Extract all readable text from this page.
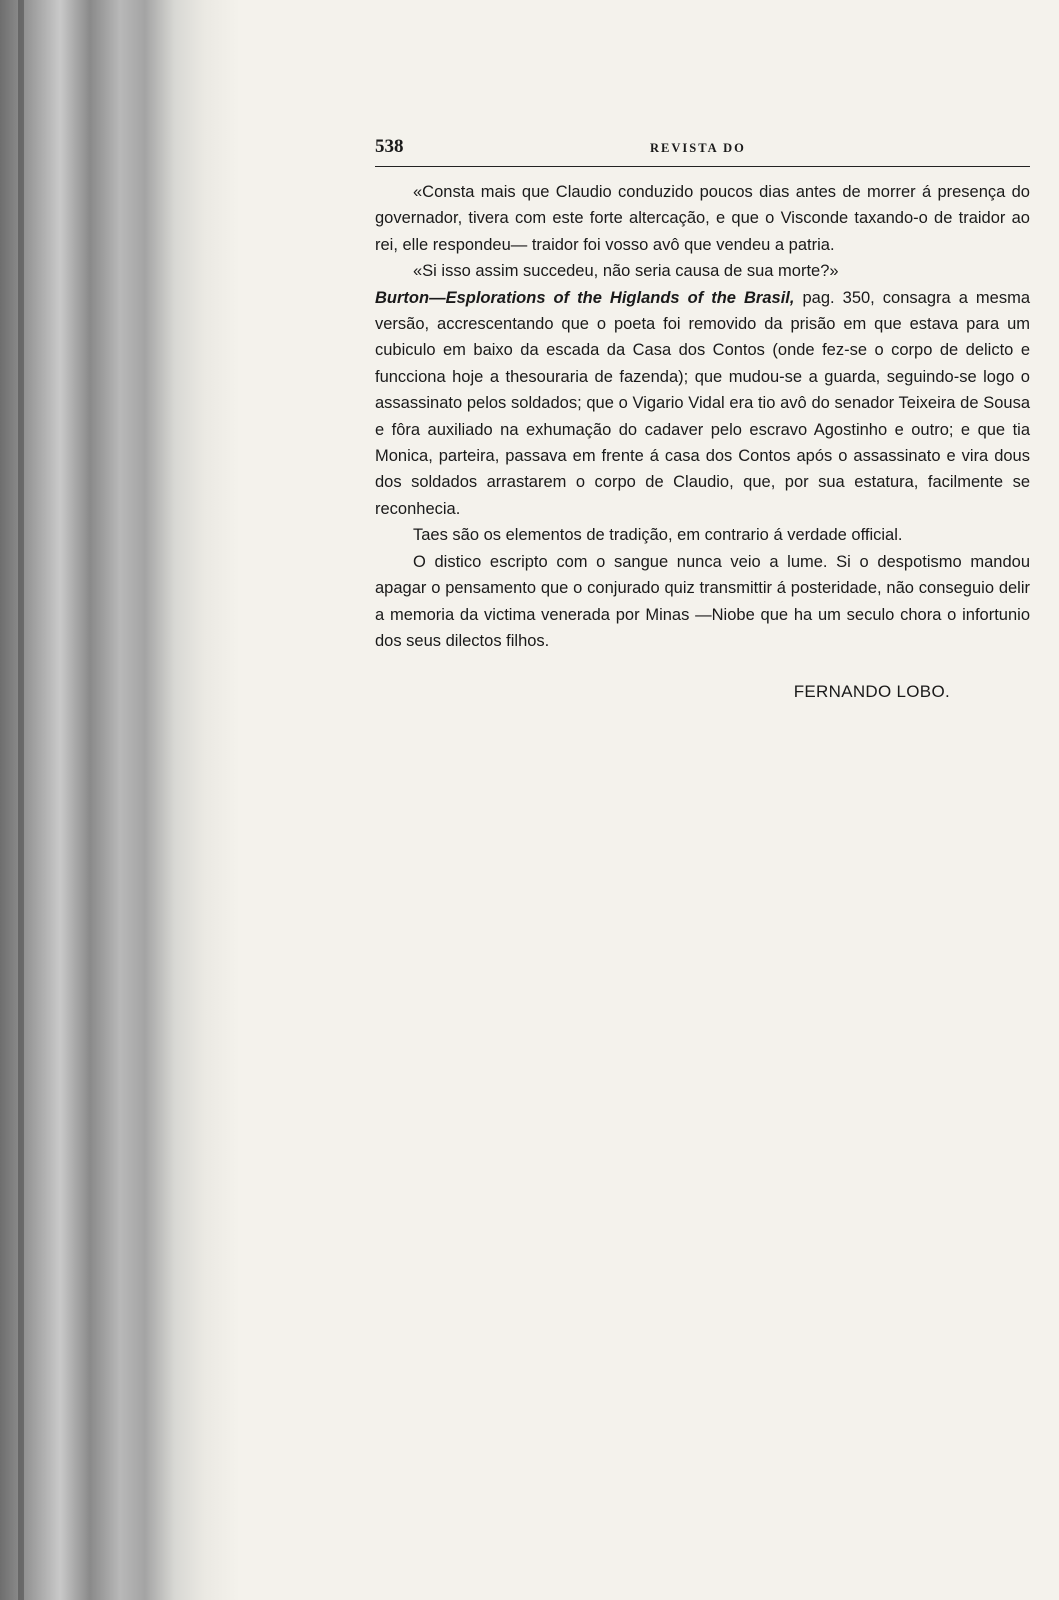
538	REVISTA DO

«Consta mais que Claudio conduzido poucos dias antes de morrer á presença do governador, tivera com este forte altercação, e que o Visconde taxando-o de traidor ao rei, elle respondeu— traidor foi vosso avô que vendeu a patria.

«Si isso assim succedeu, não seria causa de sua morte?»

Burton—Esplorations of the Higlands of the Brasil, pag. 350, consagra a mesma versão, accrescentando que o poeta foi removido da prisão em que estava para um cubiculo em baixo da escada da Casa dos Contos (onde fez-se o corpo de delicto e funcciona hoje a thesouraria de fazenda); que mudou-se a guarda, seguindo-se logo o assassinato pelos soldados; que o Vigario Vidal era tio avô do senador Teixeira de Sousa e fôra auxiliado na exhumação do cadaver pelo escravo Agostinho e outro; e que tia Monica, parteira, passava em frente á casa dos Contos após o assassinato e vira dous dos soldados arrastarem o corpo de Claudio, que, por sua estatura, facilmente se reconhecia.

Taes são os elementos de tradição, em contrario á verdade official.

O distico escripto com o sangue nunca veio a lume. Si o despotismo mandou apagar o pensamento que o conjurado quiz transmittir á posteridade, não conseguio delir a memoria da victima venerada por Minas —Niobe que ha um seculo chora o infortunio dos seus dilectos filhos.

FERNANDO LOBO.
